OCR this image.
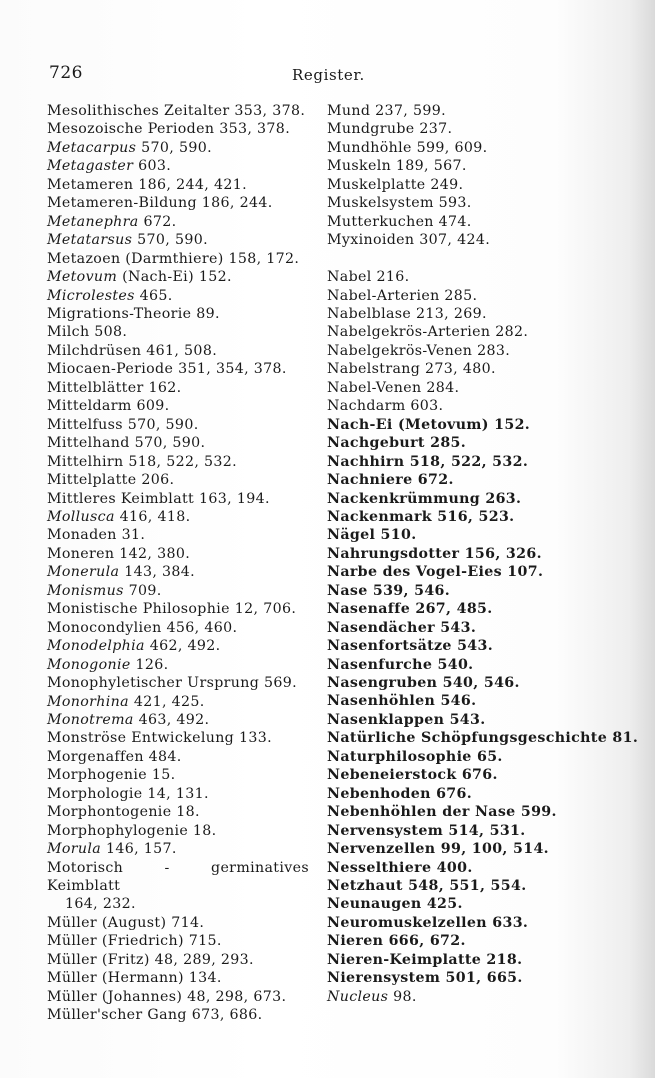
726	Register.
Mesolithisches Zeitalter 353, 378.
Mesozoische Perioden 353, 378.
Metacarpus 570, 590.
Metagaster 603.
Metameren 186, 244, 421.
Metameren-Bildung 186, 244.
Metanephra 672.
Metatarsus 570, 590.
Metazoen (Darmthiere) 158, 172.
Metovum (Nach-Ei) 152.
Microlestes 465.
Migrations-Theorie 89.
Milch 508.
Milchdrüsen 461, 508.
Miocaen-Periode 351, 354, 378.
Mittelblätter 162.
Mitteldarm 609.
Mittelfuss 570, 590.
Mittelhand 570, 590.
Mittelhirn 518, 522, 532.
Mittelplatte 206.
Mittleres Keimblatt 163, 194.
Mollusca 416, 418.
Monaden 31.
Moneren 142, 380.
Monerula 143, 384.
Monismus 709.
Monistische Philosophie 12, 706.
Monocondylien 456, 460.
Monodelphia 462, 492.
Monogonie 126.
Monophyletischer Ursprung 569.
Monorhina 421, 425.
Monotrema 463, 492.
Monströse Entwickelung 133.
Morgenaffen 484.
Morphogenie 15.
Morphologie 14, 131.
Morphontogenie 18.
Morphophylogenie 18.
Morula 146, 157.
Motorisch - germinatives Keimblatt
164, 232.
Müller (August) 714.
Müller (Friedrich) 715.
Müller (Fritz) 48, 289, 293.
Müller (Hermann) 134.
Müller (Johannes) 48, 298, 673.
Müller'scher Gang 673, 686.
Mund 237, 599.
Mundgrube 237.
Mundhöhle 599, 609.
Muskeln 189, 567.
Muskelplatte 249.
Muskelsystem 593.
Mutterkuchen 474.
Myxinoiden 307, 424.
Nabel 216.
Nabel-Arterien 285.
Nabelblase 213, 269.
Nabelgekrös-Arterien 282.
Nabelgekrös-Venen 283.
Nabelstrang 273, 480.
Nabel-Venen 284.
Nachdarm 603.
Nach-Ei (Metovum) 152.
Nachgeburt 285.
Nachhirn 518, 522, 532.
Nachniere 672.
Nackenkrümmung 263.
Nackenmark 516, 523.
Nägel 510.
Nahrungsdotter 156, 326.
Narbe des Vogel-Eies 107.
Nase 539, 546.
Nasenaffe 267, 485.
Nasendächer 543.
Nasenfortsätze 543.
Nasenfurche 540.
Nasengruben 540, 546.
Nasenhöhlen 546.
Nasenklappen 543.
Natürliche Schöpfungsgeschichte 81.
Naturphilosophie 65.
Nebeneierstock 676.
Nebenhoden 676.
Nebenhöhlen der Nase 599.
Nervensystem 514, 531.
Nervenzellen 99, 100, 514.
Nesselthiere 400.
Netzhaut 548, 551, 554.
Neunaugen 425.
Neuromuskelzellen 633.
Nieren 666, 672.
Nieren-Keimplatte 218.
Nierensystem 501, 665.
Nucleus 98.
